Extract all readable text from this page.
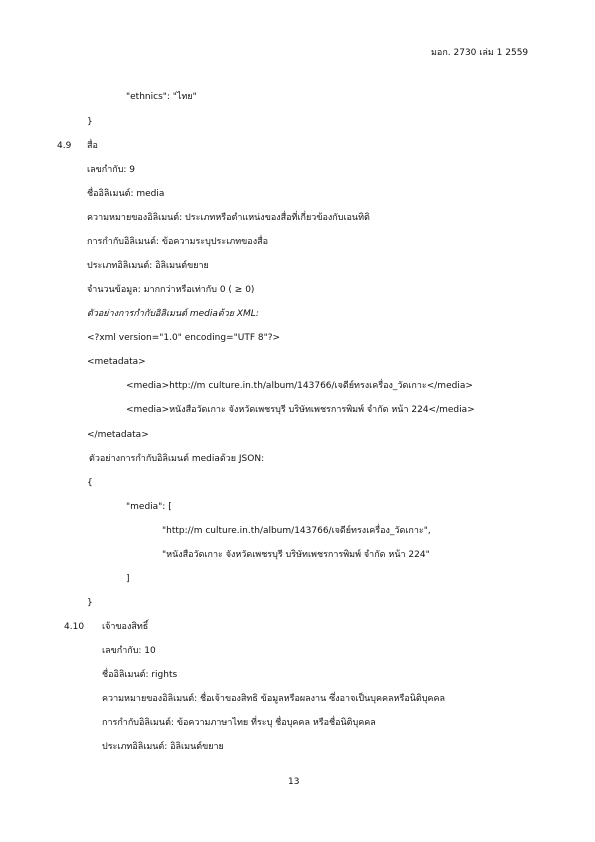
มอก. 2730 เล่ม 1 2559
"ethnics": "ไทย"
}
4.9 สื่อ
เลขกำกับ: 9
ชื่ออิลิเมนต์: media
ความหมายของอิลิเมนต์: ประเภทหรือตำแหน่งของสื่อที่เกี่ยวข้องกับเอนทิติ
การกำกับอิลิเมนต์: ข้อความระบุประเภทของสื่อ
ประเภทอิลิเมนต์: อิลิเมนต์ขยาย
จำนวนข้อมูล: มากกว่าหรือเท่ากับ 0 ( ≥ 0)
ตัวอย่างการกำกับอิลิเมนต์ mediaด้วย XML:
<?xml version="1.0" encoding="UTF 8"?>
<metadata>
<media>http://m culture.in.th/album/143766/เจดีย์ทรงเครื่อง_วัดเกาะ</media>
<media>หนังสือวัดเกาะ จังหวัดเพชรบุรี บริษัทเพชรการพิมพ์ จำกัด หน้า 224</media>
</metadata>
ตัวอย่างการกำกับอิลิเมนต์ mediaด้วย JSON:
{
"media": [
"http://m culture.in.th/album/143766/เจดีย์ทรงเครื่อง_วัดเกาะ",
"หนังสือวัดเกาะ จังหวัดเพชรบุรี บริษัทเพชรการพิมพ์ จำกัด หน้า 224"
]
}
4.10 เจ้าของสิทธิ์
เลขกำกับ: 10
ชื่ออิลิเมนต์: rights
ความหมายของอิลิเมนต์: ชื่อเจ้าของสิทธิ ข้อมูลหรือผลงาน ซึ่งอาจเป็นบุคคลหรือนิติบุคคล
การกำกับอิลิเมนต์: ข้อความภาษาไทย ที่ระบุ ชื่อบุคคล หรือชื่อนิติบุคคล
ประเภทอิลิเมนต์: อิลิเมนต์ขยาย
13
